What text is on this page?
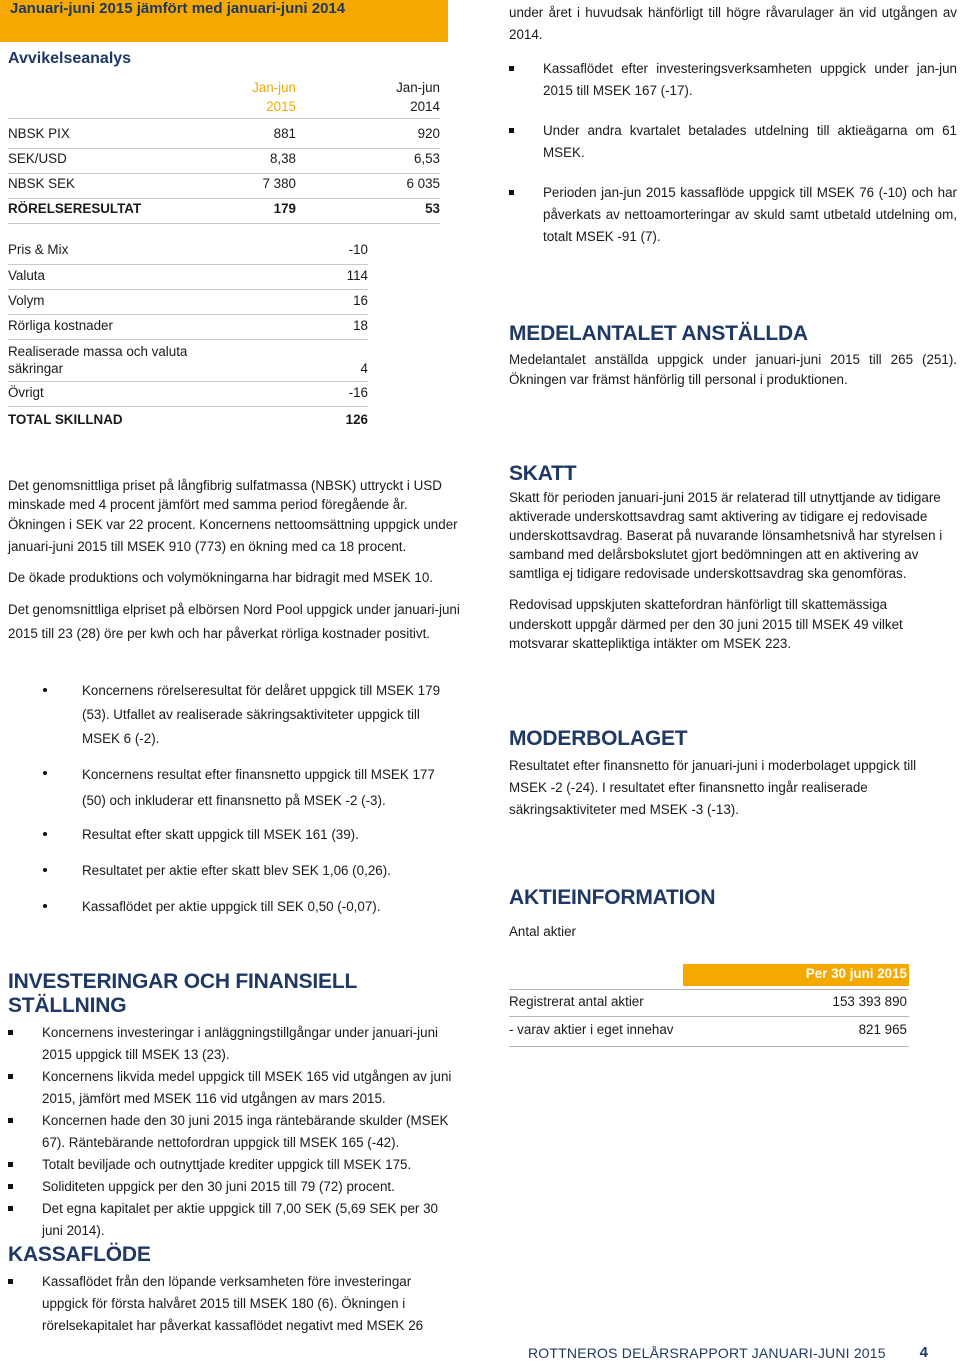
Januari-juni 2015 jämfört med januari-juni 2014
Avvikelseanalys
Jan-jun
2015
Jan-jun
2014
NBSK PIX	881	920
SEK/USD	8,38	6,53
NBSK SEK	7 380	6 035
RÖRELSERESULTAT	179	53
Pris & Mix	-10
Valuta	114
Volym	16
Rörliga kostnader	18
Realiserade massa och valuta
säkringar	4
Övrigt	-16
TOTAL SKILLNAD	126

under året i huvudsak hänförligt till högre råvarulager än vid utgången av 2014.

Kassaflödet efter investeringsverksamheten uppgick under jan-jun 2015 till MSEK 167 (-17).
Under andra kvartalet betalades utdelning till aktieägarna om 61 MSEK.
Perioden jan-jun 2015 kassaflöde uppgick till MSEK 76 (-10) och har påverkats av nettoamorteringar av skuld samt utbetald utdelning om, totalt MSEK -91 (7).
MEDELANTALET ANSTÄLLDA

Medelantalet anställda uppgick under januari-juni 2015 till 265 (251). Ökningen var främst hänförlig till personal i produktionen.

Det genomsnittliga priset på långfibrig sulfatmassa (NBSK) uttryckt i USD minskade med 4 procent jämfört med samma period föregående år.

Ökningen i SEK var 22 procent. Koncernens nettoomsättning uppgick under januari-juni 2015 till MSEK 910 (773) en ökning med ca 18 procent.

De ökade produktions och volymökningarna har bidragit med MSEK 10.

Det genomsnittliga elpriset på elbörsen Nord Pool uppgick under januari-juni 2015 till 23 (28) öre per kwh och har påverkat rörliga kostnader positivt.

Koncernens rörelseresultat för delåret uppgick till MSEK 179 (53). Utfallet av realiserade säkringsaktiviteter uppgick till MSEK 6 (-2).
Koncernens resultat efter finansnetto uppgick till MSEK 177 (50) och inkluderar ett finansnetto på MSEK -2 (-3).
Resultat efter skatt uppgick till MSEK 161 (39).
Resultatet per aktie efter skatt blev SEK 1,06 (0,26).
Kassaflödet per aktie uppgick till SEK 0,50 (-0,07).
INVESTERINGAR OCH FINANSIELL STÄLLNING
Koncernens investeringar i anläggningstillgångar under januari-juni 2015 uppgick till MSEK 13 (23).
Koncernens likvida medel uppgick till MSEK 165 vid utgången av juni 2015, jämfört med MSEK 116 vid utgången av mars 2015.
Koncernen hade den 30 juni 2015 inga räntebärande skulder (MSEK 67). Räntebärande nettofordran uppgick till MSEK 165 (-42).
Totalt beviljade och outnyttjade krediter uppgick till MSEK 175.
Soliditeten uppgick per den 30 juni 2015 till 79 (72) procent.
Det egna kapitalet per aktie uppgick till 7,00 SEK (5,69 SEK per 30 juni 2014).
KASSAFLÖDE
Kassaflödet från den löpande verksamheten före investeringar uppgick för första halvåret 2015 till MSEK 180 (6). Ökningen i rörelsekapitalet har påverkat kassaflödet negativt med MSEK 26
SKATT

Skatt för perioden januari-juni 2015 är relaterad till utnyttjande av tidigare aktiverade underskottsavdrag samt aktivering av tidigare ej redovisade underskottsavdrag. Baserat på nuvarande lönsamhetsnivå har styrelsen i samband med delårsbokslutet gjort bedömningen att en aktivering av samtliga ej tidigare redovisade underskottsavdrag ska genomföras.

Redovisad uppskjuten skattefordran hänförligt till skattemässiga underskott uppgår därmed per den 30 juni 2015 till MSEK 49 vilket motsvarar skattepliktiga intäkter om MSEK 223.

MODERBOLAGET

Resultatet efter finansnetto för januari-juni i moderbolaget uppgick till MSEK -2 (-24). I resultatet efter finansnetto ingår realiserade säkringsaktiviteter med MSEK -3 (-13).

AKTIEINFORMATION
Antal aktier
Per 30 juni 2015
Registrerat antal aktier	153 393 890
- varav aktier i eget innehav	821 965
ROTTNEROS DELÅRSRAPPORT JANUARI-JUNI 2015 4
